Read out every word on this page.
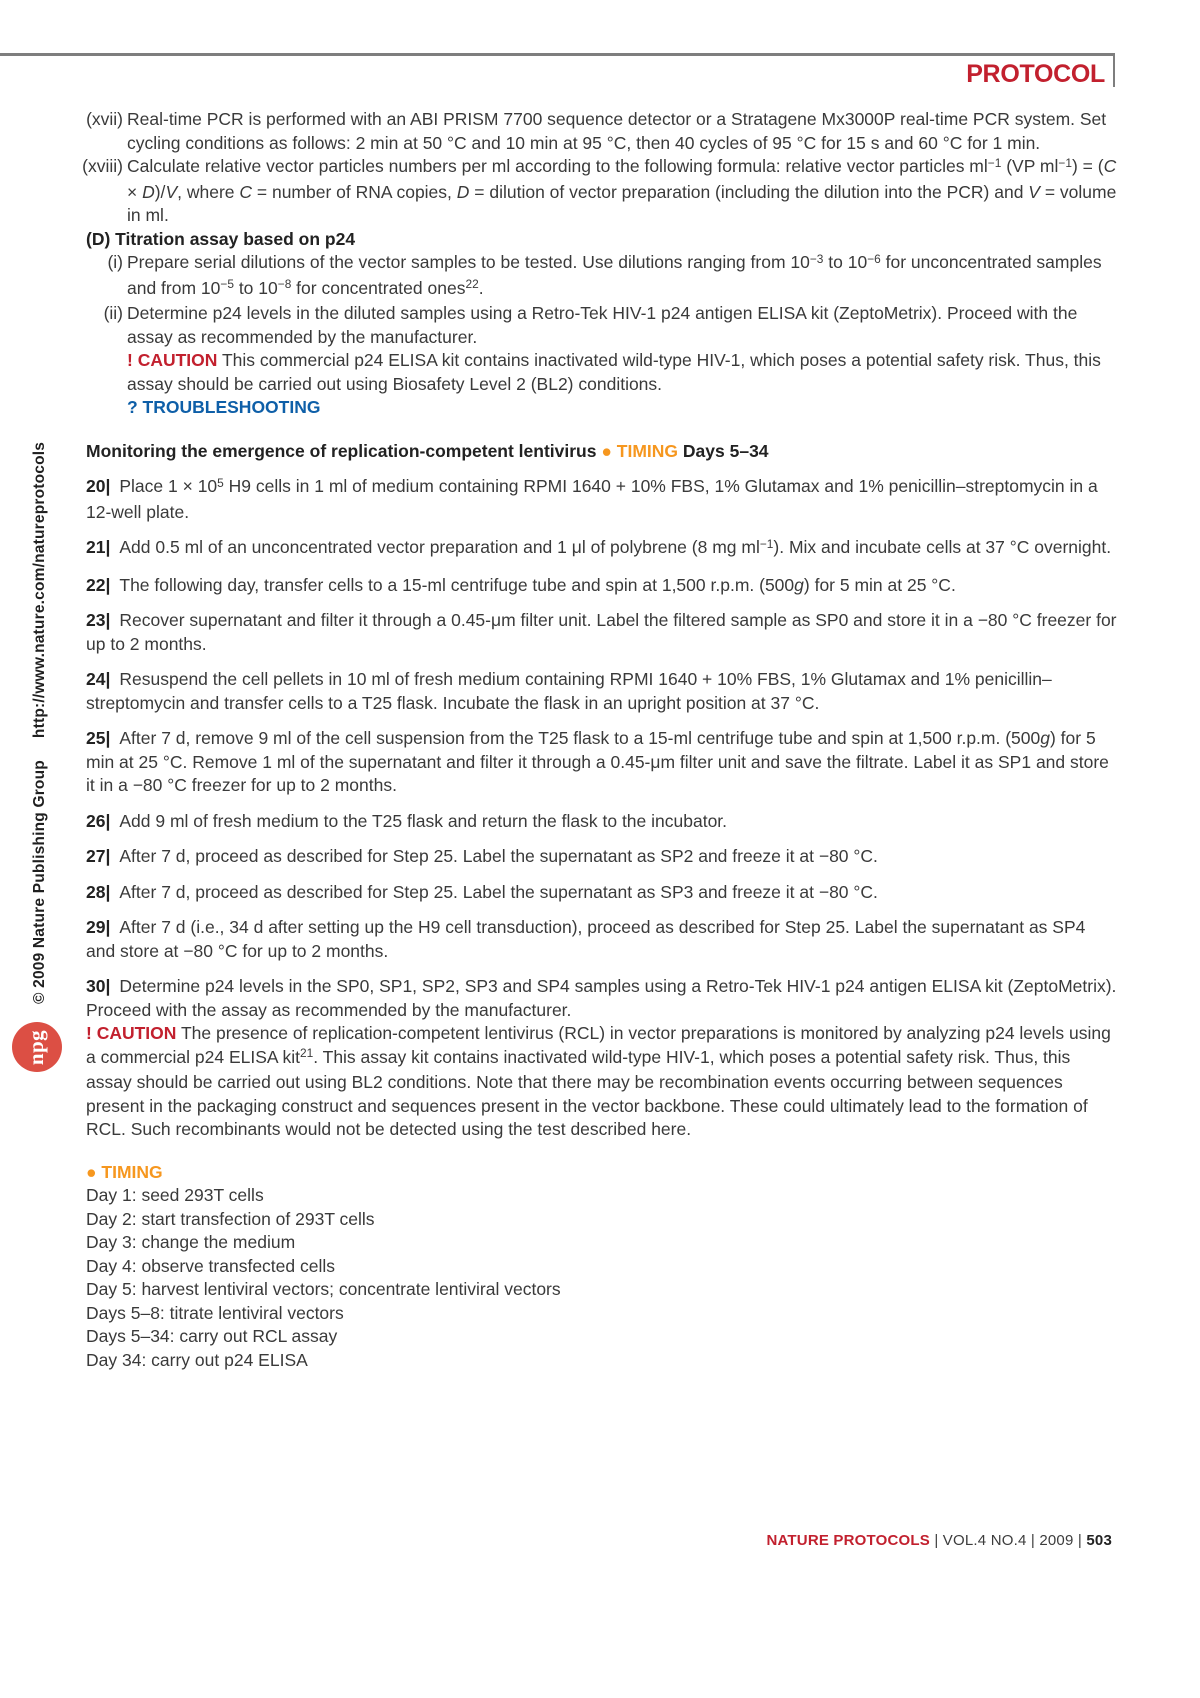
PROTOCOL
© 2009 Nature Publishing Grouphttp://www.nature.com/natureprotocols
npg
(xvii) Real-time PCR is performed with an ABI PRISM 7700 sequence detector or a Stratagene Mx3000P real-time PCR system. Set cycling conditions as follows: 2 min at 50 °C and 10 min at 95 °C, then 40 cycles of 95 °C for 15 s and 60 °C for 1 min.
(xviii) Calculate relative vector particles numbers per ml according to the following formula: relative vector particles $ml^{-1}$ (VP $ml^{-1}) = (C \times D)/V$, where C = number of RNA copies, D = dilution of vector preparation (including the dilution into the PCR) and V = volume in ml.
(D) Titration assay based on p24
(i) Prepare serial dilutions of the vector samples to be tested. Use dilutions ranging from $10^{-3}$ to $10^{-6}$ for unconcentrated samples and from $10^{-5}$ to $10^{-8}$ for concentrated ones$^{22}$.
(ii) Determine p24 levels in the diluted samples using a Retro-Tek HIV-1 p24 antigen ELISA kit (ZeptoMetrix). Proceed with the assay as recommended by the manufacturer.
! CAUTION This commercial p24 ELISA kit contains inactivated wild-type HIV-1, which poses a potential safety risk. Thus, this assay should be carried out using Biosafety Level 2 (BL2) conditions.
? TROUBLESHOOTING
Monitoring the emergence of replication-competent lentivirus ● TIMING Days 5–34
20| Place $1 \times 10^5$ H9 cells in 1 ml of medium containing RPMI 1640 + 10% FBS, 1% Glutamax and 1% penicillin–streptomycin in a 12-well plate.
21| Add 0.5 ml of an unconcentrated vector preparation and 1 μl of polybrene (8 mg $ml^{-1}$). Mix and incubate cells at 37 °C overnight.
22| The following day, transfer cells to a 15-ml centrifuge tube and spin at 1,500 r.p.m. (500g) for 5 min at 25 °C.
23| Recover supernatant and filter it through a 0.45-μm filter unit. Label the filtered sample as SP0 and store it in a −80 °C freezer for up to 2 months.
24| Resuspend the cell pellets in 10 ml of fresh medium containing RPMI 1640 + 10% FBS, 1% Glutamax and 1% penicillin–streptomycin and transfer cells to a T25 flask. Incubate the flask in an upright position at 37 °C.
25| After 7 d, remove 9 ml of the cell suspension from the T25 flask to a 15-ml centrifuge tube and spin at 1,500 r.p.m. (500g) for 5 min at 25 °C. Remove 1 ml of the supernatant and filter it through a 0.45-μm filter unit and save the filtrate. Label it as SP1 and store it in a −80 °C freezer for up to 2 months.
26| Add 9 ml of fresh medium to the T25 flask and return the flask to the incubator.
27| After 7 d, proceed as described for Step 25. Label the supernatant as SP2 and freeze it at −80 °C.
28| After 7 d, proceed as described for Step 25. Label the supernatant as SP3 and freeze it at −80 °C.
29| After 7 d (i.e., 34 d after setting up the H9 cell transduction), proceed as described for Step 25. Label the supernatant as SP4 and store at −80 °C for up to 2 months.
30| Determine p24 levels in the SP0, SP1, SP2, SP3 and SP4 samples using a Retro-Tek HIV-1 p24 antigen ELISA kit (ZeptoMetrix). Proceed with the assay as recommended by the manufacturer.
! CAUTION The presence of replication-competent lentivirus (RCL) in vector preparations is monitored by analyzing p24 levels using a commercial p24 ELISA kit$^{21}$. This assay kit contains inactivated wild-type HIV-1, which poses a potential safety risk. Thus, this assay should be carried out using BL2 conditions. Note that there may be recombination events occurring between sequences present in the packaging construct and sequences present in the vector backbone. These could ultimately lead to the formation of RCL. Such recombinants would not be detected using the test described here.
● TIMING
Day 1: seed 293T cells
Day 2: start transfection of 293T cells
Day 3: change the medium
Day 4: observe transfected cells
Day 5: harvest lentiviral vectors; concentrate lentiviral vectors
Days 5–8: titrate lentiviral vectors
Days 5–34: carry out RCL assay
Day 34: carry out p24 ELISA
NATURE PROTOCOLS | VOL.4 NO.4 | 2009 | 503
